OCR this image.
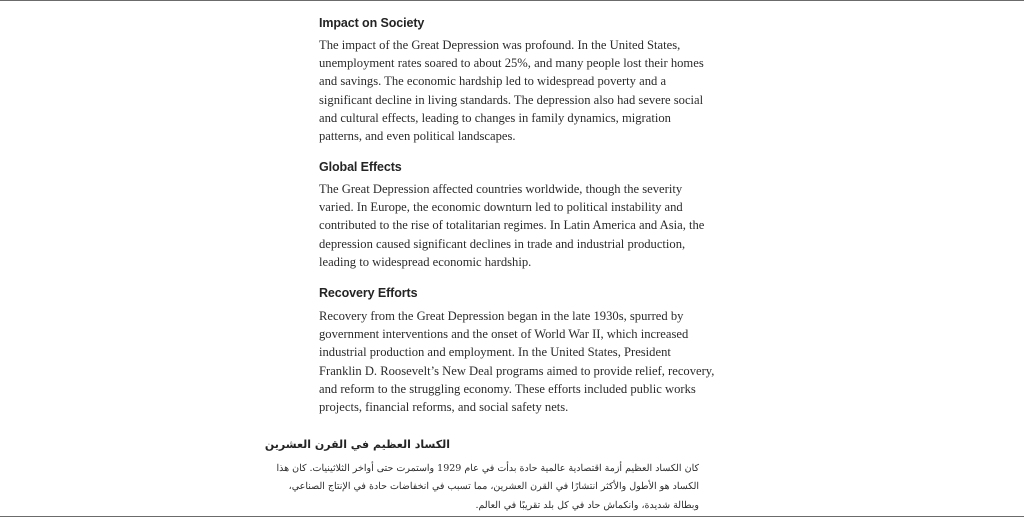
Impact on Society

The impact of the Great Depression was profound. In the United States,
unemployment rates soared to about 25%, and many people lost their homes
and savings. The economic hardship led to widespread poverty and a
significant decline in living standards. The depression also had severe social
and cultural effects, leading to changes in family dynamics, migration
patterns, and even political landscapes.

Global Effects

The Great Depression affected countries worldwide, though the severity
varied. In Europe, the economic downturn led to political instability and
contributed to the rise of totalitarian regimes. In Latin America and Asia, the
depression caused significant declines in trade and industrial production,
leading to widespread economic hardship.

Recovery Efforts

Recovery from the Great Depression began in the late 1930s, spurred by
government interventions and the onset of World War II, which increased
industrial production and employment. In the United States, President
Franklin D. Roosevelt’s New Deal programs aimed to provide relief, recovery,
and reform to the struggling economy. These efforts included public works
projects, financial reforms, and social safety nets.

الكساد العظيم في القرن العشرين

كان الكساد العظيم أزمة اقتصادية عالمية حادة بدأت في عام 1929 واستمرت حتى أواخر الثلاثينيات. كان هذا
الكساد هو الأطول والأكثر انتشارًا في القرن العشرين، مما تسبب في انخفاضات حادة في الإنتاج الصناعي،
وبطالة شديدة، وانكماش حاد في كل بلد تقريبًا في العالم.
